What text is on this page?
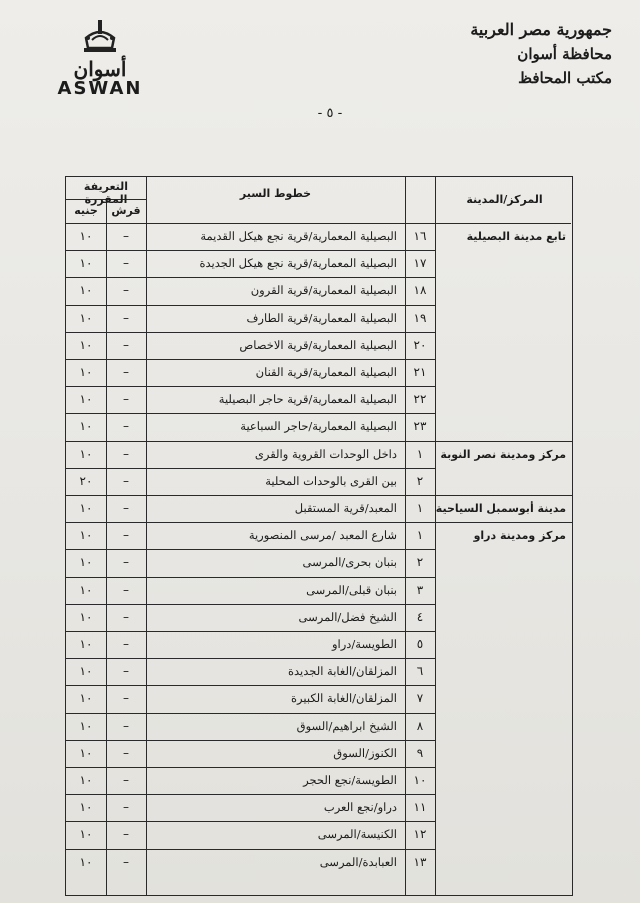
جمهورية مصر العربية
محافظة أسوان
مكتب المحافظ
أسوان
ASWAN
- ٥ -
المركز/المدينة
خطوط السير
التعريفة المقررة
قرش
جنيه
تابع مدينة البصيلية
مركز ومدينة نصر النوبة
مدينة أبوسمبل السياحية
مركز ومدينة دراو
١٦
البصيلية المعمارية/قرية نجع هيكل القديمة
–
١٠
١٧
البصيلية المعمارية/قرية نجع هيكل الجديدة
–
١٠
١٨
البصيلية المعمارية/قرية القرون
–
١٠
١٩
البصيلية المعمارية/قرية الطارف
–
١٠
٢٠
البصيلية المعمارية/قرية الاخصاص
–
١٠
٢١
البصيلية المعمارية/قرية القنان
–
١٠
٢٢
البصيلية المعمارية/قرية حاجر البصيلية
–
١٠
٢٣
البصيلية المعمارية/حاجر السباعية
–
١٠
١
داخل الوحدات القروية والقرى
–
١٠
٢
بين القرى بالوحدات المحلية
–
٢٠
١
المعبد/قرية المستقبل
–
١٠
١
شارع المعبد /مرسى المنصورية
–
١٠
٢
بنبان بحرى/المرسى
–
١٠
٣
بنبان قبلى/المرسى
–
١٠
٤
الشيخ فضل/المرسى
–
١٠
٥
الطويسة/دراو
–
١٠
٦
المزلقان/الغابة الجديدة
–
١٠
٧
المزلقان/الغابة الكبيرة
–
١٠
٨
الشيخ ابراهيم/السوق
–
١٠
٩
الكنوز/السوق
–
١٠
١٠
الطويسة/نجع الحجر
–
١٠
١١
دراو/نجع العرب
–
١٠
١٢
الكنيسة/المرسى
–
١٠
١٣
العبابدة/المرسى
–
١٠
